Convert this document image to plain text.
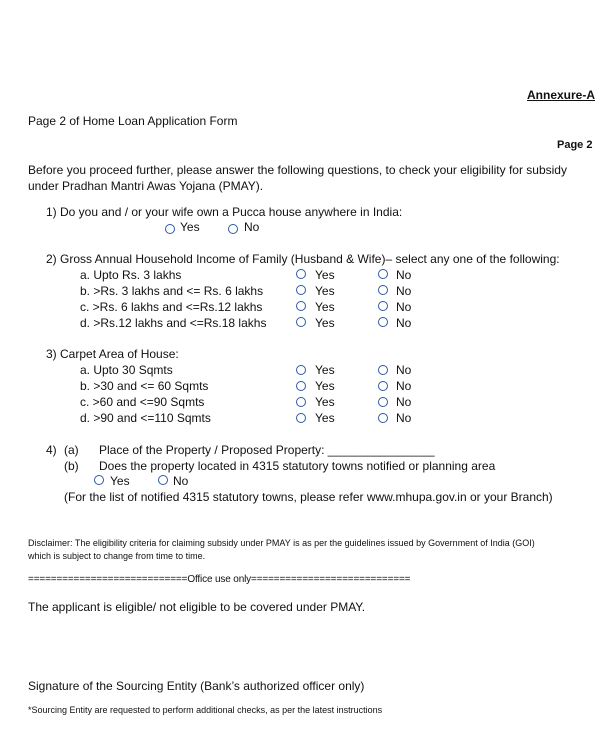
Annexure-A
Page 2 of Home Loan Application Form
Page 2
Before you proceed further, please answer the following questions, to check your eligibility for subsidy
under Pradhan Mantri Awas Yojana (PMAY).
1) Do you and / or your wife own a Pucca house anywhere in India:
Yes	No
2) Gross Annual Household Income of Family (Husband & Wife)– select any one of the following:
a. Upto Rs. 3 lakhs	Yes	No
b. >Rs. 3 lakhs and <= Rs. 6 lakhs	Yes	No
c. >Rs. 6 lakhs and <=Rs.12 lakhs	Yes	No
d. >Rs.12 lakhs and <=Rs.18 lakhs	Yes	No
3) Carpet Area of House:
a. Upto 30 Sqmts	Yes	No
b. >30 and <= 60 Sqmts	Yes	No
c. >60 and <=90 Sqmts	Yes	No
d. >90 and <=110 Sqmts	Yes	No
4) (a) Place of the Property / Proposed Property: ________________
(b) Does the property located in 4315 statutory towns notified or planning area
Yes	No
(For the list of notified 4315 statutory towns, please refer www.mhupa.gov.in or your Branch)
Disclaimer: The eligibility criteria for claiming subsidy under PMAY is as per the guidelines issued by Government of India (GOI)
which is subject to change from time to time.
============================Office use only============================
The applicant is eligible/ not eligible to be covered under PMAY.
Signature of the Sourcing Entity (Bank’s authorized officer only)
*Sourcing Entity are requested to perform additional checks, as per the latest instructions
